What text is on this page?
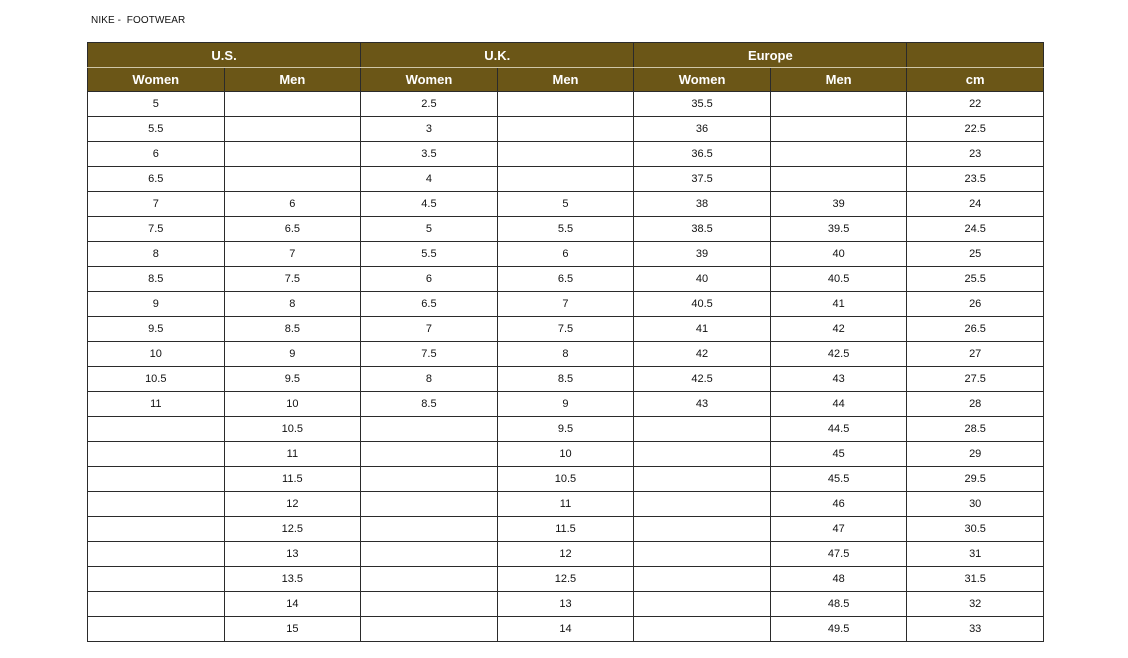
NIKE -  FOOTWEAR
U.S.		U.K.		Europe		
Women	Men	Women	Men	Women	Men	cm
5		2.5		35.5		22
5.5		3		36		22.5
6		3.5		36.5		23
6.5		4		37.5		23.5
7	6	4.5	5	38	39	24
7.5	6.5	5	5.5	38.5	39.5	24.5
8	7	5.5	6	39	40	25
8.5	7.5	6	6.5	40	40.5	25.5
9	8	6.5	7	40.5	41	26
9.5	8.5	7	7.5	41	42	26.5
10	9	7.5	8	42	42.5	27
10.5	9.5	8	8.5	42.5	43	27.5
11	10	8.5	9	43	44	28
	10.5		9.5		44.5	28.5
	11		10		45	29
	11.5		10.5		45.5	29.5
	12		11		46	30
	12.5		11.5		47	30.5
	13		12		47.5	31
	13.5		12.5		48	31.5
	14		13		48.5	32
	15		14		49.5	33
